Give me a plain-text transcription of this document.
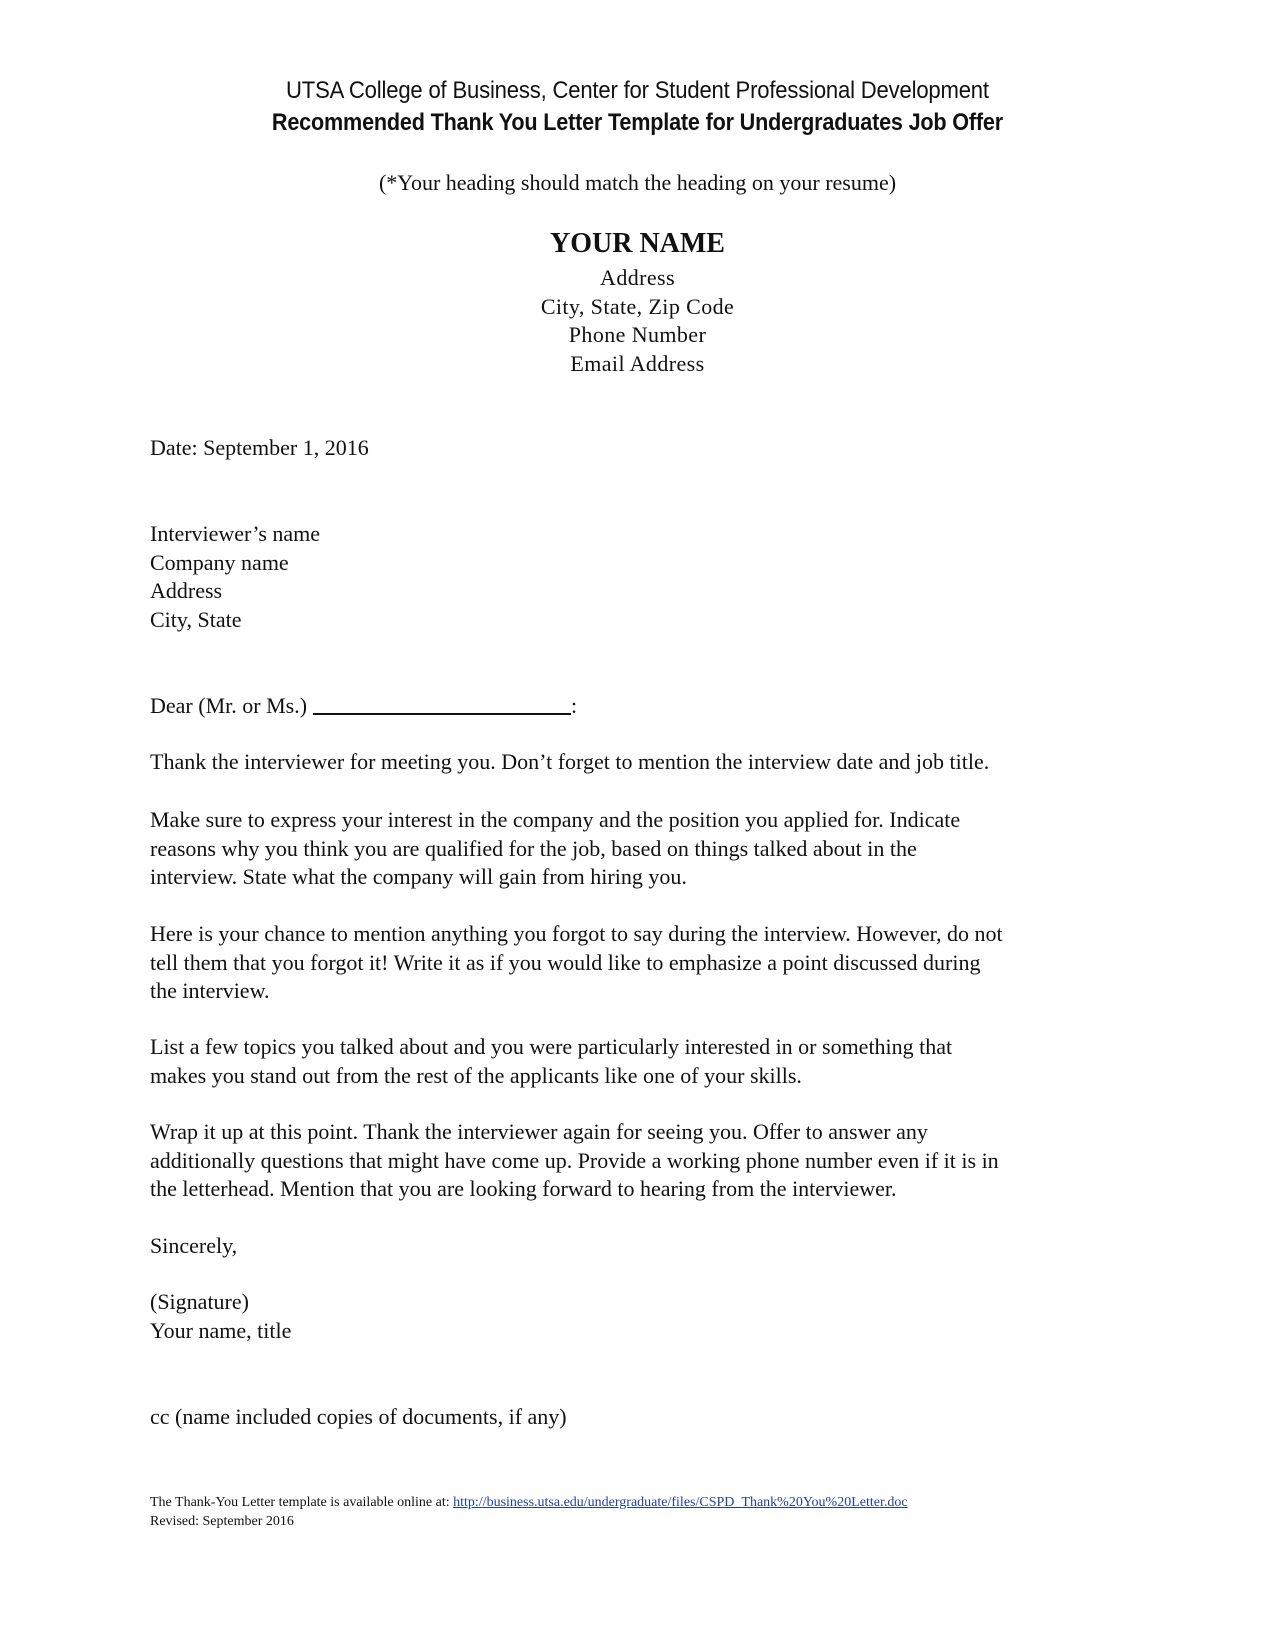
UTSA College of Business, Center for Student Professional Development

Recommended Thank You Letter Template for Undergraduates Job Offer

(*Your heading should match the heading on your resume)

YOUR NAME

Address
City, State, Zip Code
Phone Number
Email Address

Date: September 1, 2016

Interviewer’s name
Company name
Address
City, State
Dear (Mr. or Ms.)	:
Thank the interviewer for meeting you. Don’t forget to mention the interview date and job title.
Make sure to express your interest in the company and the position you applied for. Indicate
reasons why you think you are qualified for the job, based on things talked about in the
interview. State what the company will gain from hiring you.
Here is your chance to mention anything you forgot to say during the interview. However, do not
tell them that you forgot it! Write it as if you would like to emphasize a point discussed during
the interview.
List a few topics you talked about and you were particularly interested in or something that
makes you stand out from the rest of the applicants like one of your skills.
Wrap it up at this point. Thank the interviewer again for seeing you. Offer to answer any
additionally questions that might have come up. Provide a working phone number even if it is in
the letterhead. Mention that you are looking forward to hearing from the interviewer.

Sincerely,

(Signature)
Your name, title

cc (name included copies of documents, if any)

The Thank-You Letter template is available online at: http://business.utsa.edu/undergraduate/files/CSPD_Thank%20You%20Letter.doc
Revised: September 2016
